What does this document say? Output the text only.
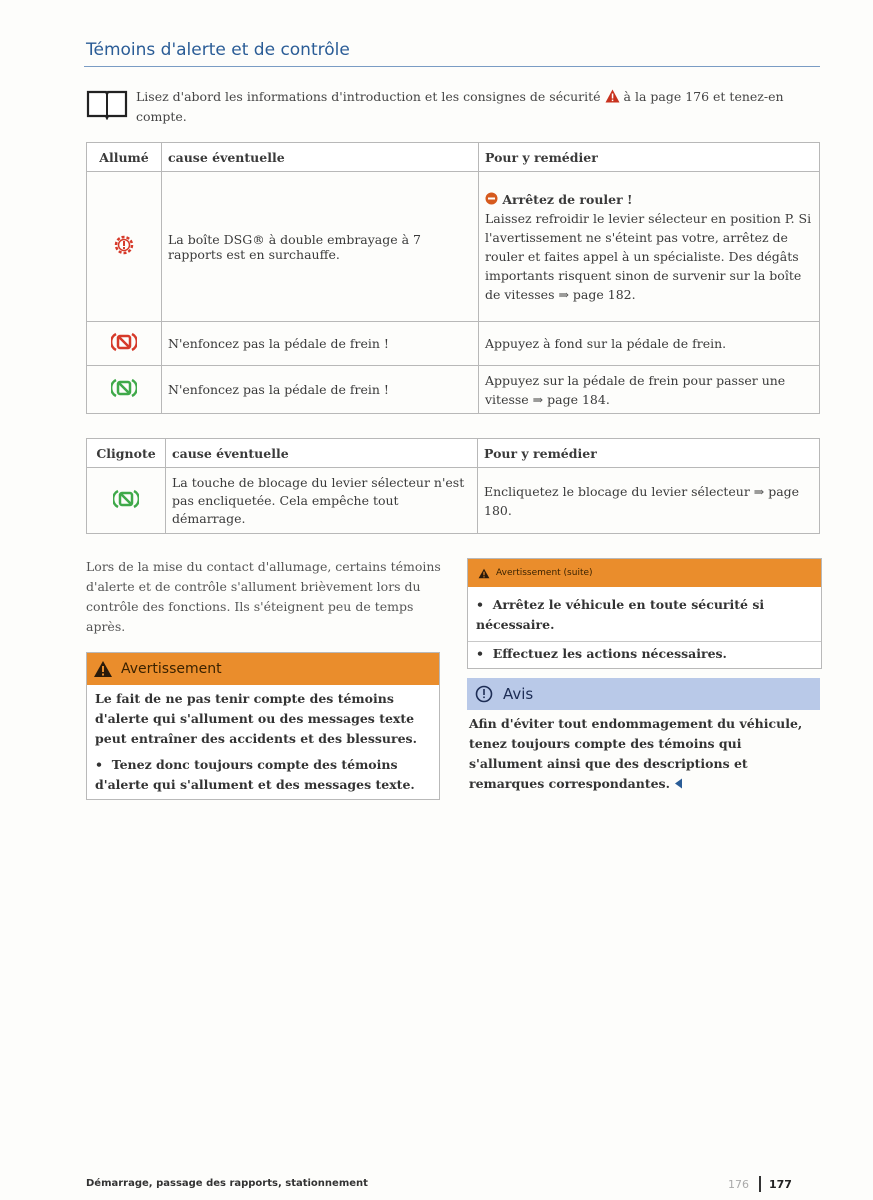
Témoins d'alerte et de contrôle
Lisez d'abord les informations d'introduction et les consignes de sécurité à la page 176 et tenez-en compte.
Allumé	cause éventuelle	Pour y remédier
	La boîte DSG® à double embrayage à 7 rapports est en surchauffe.	Arrêtez de rouler !
Laissez refroidir le levier sélecteur en position P. Si l'avertissement ne s'éteint pas votre, arrêtez de rouler et faites appel à un spécialiste. Des dégâts importants risquent sinon de survenir sur la boîte de vitesses ⇒ page 182.

	N'enfoncez pas la pédale de frein !	Appuyez à fond sur la pédale de frein.
	N'enfoncez pas la pédale de frein !	Appuyez sur la pédale de frein pour passer une vitesse ⇒ page 184.
Clignote	cause éventuelle	Pour y remédier
	La touche de blocage du levier sélecteur n'est pas encliquetée. Cela empêche tout démarrage.	Encliquetez le blocage du levier sélecteur ⇒ page 180.
Lors de la mise du contact d'allumage, certains témoins d'alerte et de contrôle s'allument brièvement lors du contrôle des fonctions. Ils s'éteignent peu de temps après.
Avertissement
Le fait de ne pas tenir compte des témoins d'alerte qui s'allument ou des messages texte peut entraîner des accidents et des blessures.
•  Tenez donc toujours compte des témoins d'alerte qui s'allument et des messages texte.
Avertissement (suite)
•  Arrêtez le véhicule en toute sécurité si nécessaire.
•  Effectuez les actions nécessaires.
Avis
Afin d'éviter tout endommagement du véhicule, tenez toujours compte des témoins qui s'allument ainsi que des descriptions et remarques correspondantes.
Démarrage, passage des rapports, stationnement	176 177
